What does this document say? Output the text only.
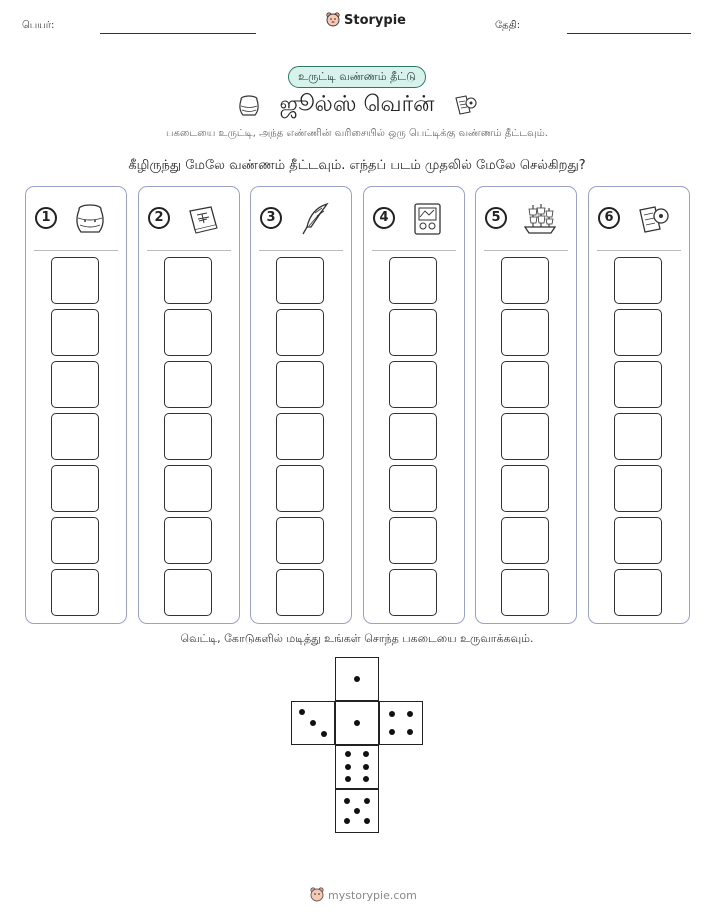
பெயர்:	Storypie	தேதி:
உருட்டி வண்ணம் தீட்டு
ஜூல்ஸ் வெர்ன்
பகடையை உருட்டி, அந்த எண்ணின் வரிசையில் ஒரு பெட்டிக்கு வண்ணம் தீட்டவும்.
கீழிருந்து மேலே வண்ணம் தீட்டவும். எந்தப் படம் முதலில் மேலே செல்கிறது?
1	2	3	4	5	6
வெட்டி, கோடுகளில் மடித்து உங்கள் சொந்த பகடையை உருவாக்கவும்.
mystorypie.com
